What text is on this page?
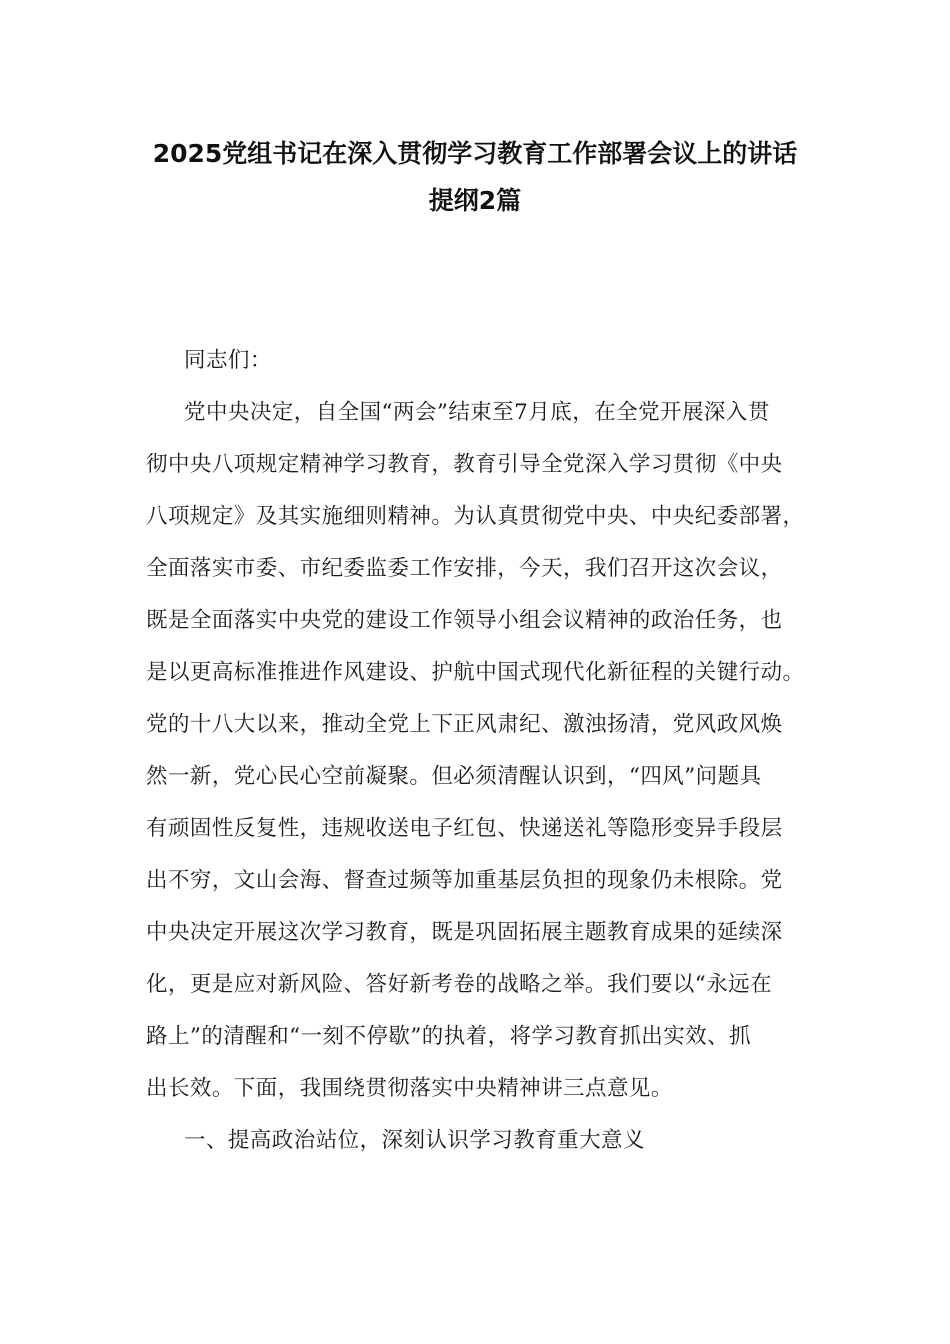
2025党组书记在深入贯彻学习教育工作部署会议上的讲话
提纲2篇
同志们：
党中央决定，自全国“两会”结束至7月底，在全党开展深入贯
彻中央八项规定精神学习教育，教育引导全党深入学习贯彻《中央
八项规定》及其实施细则精神。为认真贯彻党中央、中央纪委部署，
全面落实市委、市纪委监委工作安排，今天，我们召开这次会议，
既是全面落实中央党的建设工作领导小组会议精神的政治任务，也
是以更高标准推进作风建设、护航中国式现代化新征程的关键行动。
党的十八大以来，推动全党上下正风肃纪、激浊扬清，党风政风焕
然一新，党心民心空前凝聚。但必须清醒认识到，“四风”问题具
有顽固性反复性，违规收送电子红包、快递送礼等隐形变异手段层
出不穷，文山会海、督查过频等加重基层负担的现象仍未根除。党
中央决定开展这次学习教育，既是巩固拓展主题教育成果的延续深
化，更是应对新风险、答好新考卷的战略之举。我们要以“永远在
路上”的清醒和“一刻不停歇”的执着，将学习教育抓出实效、抓
出长效。下面，我围绕贯彻落实中央精神讲三点意见。
一、提高政治站位，深刻认识学习教育重大意义
